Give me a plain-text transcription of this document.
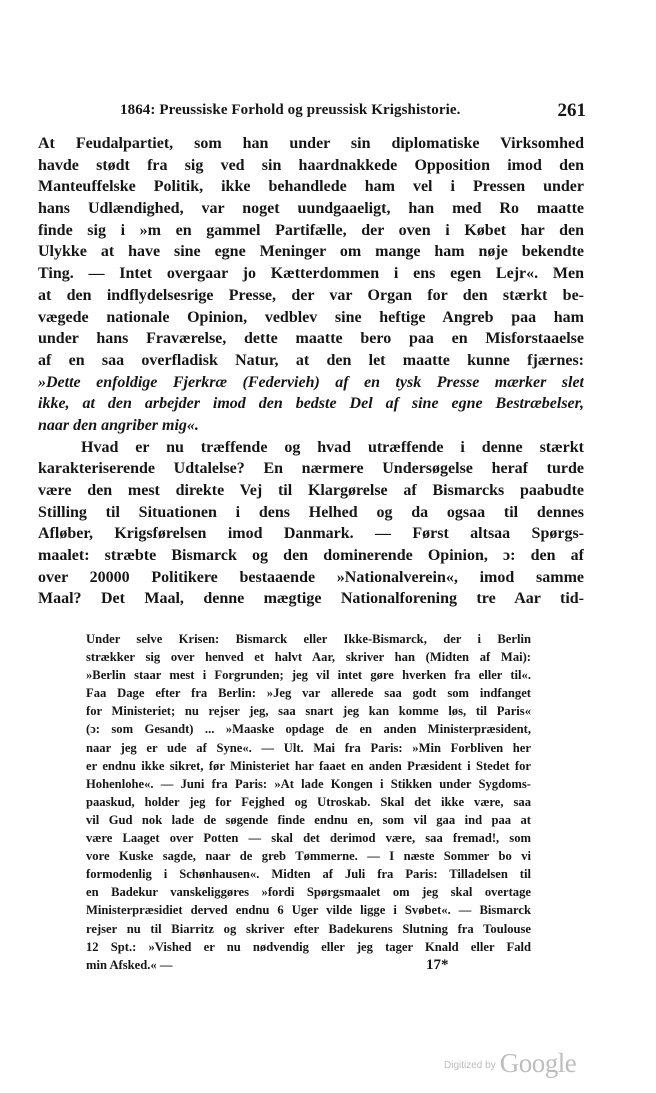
1864: Preussiske Forhold og preussisk Krigshistorie.	261
At Feudalpartiet, som han under sin diplomatiske Virksomhed
havde stødt fra sig ved sin haardnakkede Opposition imod den
Manteuffelske Politik, ikke behandlede ham vel i Pressen under
hans Udlændighed, var noget uundgaaeligt, han med Ro maatte
finde sig i »m en gammel Partifælle, der oven i Købet har den
Ulykke at have sine egne Meninger om mange ham nøje bekendte
Ting. — Intet overgaar jo Kætterdommen i ens egen Lejr«. Men
at den indflydelsesrige Presse, der var Organ for den stærkt be-
vægede nationale Opinion, vedblev sine heftige Angreb paa ham
under hans Fraværelse, dette maatte bero paa en Misforstaaelse
af en saa overfladisk Natur, at den let maatte kunne fjærnes:
»Dette enfoldige Fjerkræ (Federvieh) af en tysk Presse mærker slet
ikke, at den arbejder imod den bedste Del af sine egne Bestræbelser,
naar den angriber mig«.
Hvad er nu træffende og hvad utræffende i denne stærkt
karakteriserende Udtalelse? En nærmere Undersøgelse heraf turde
være den mest direkte Vej til Klargørelse af Bismarcks paabudte
Stilling til Situationen i dens Helhed og da ogsaa til dennes
Afløber, Krigsførelsen imod Danmark. — Først altsaa Spørgs-
maalet: stræbte Bismarck og den dominerende Opinion, ɔ: den af
over 20000 Politikere bestaaende »Nationalverein«, imod samme
Maal? Det Maal, denne mægtige Nationalforening tre Aar tid-
Under selve Krisen: Bismarck eller Ikke-Bismarck, der i Berlin
strækker sig over henved et halvt Aar, skriver han (Midten af Mai):
»Berlin staar mest i Forgrunden; jeg vil intet gøre hverken fra eller til«.
Faa Dage efter fra Berlin: »Jeg var allerede saa godt som indfanget
for Ministeriet; nu rejser jeg, saa snart jeg kan komme løs, til Paris«
(ɔ: som Gesandt) ... »Maaske opdage de en anden Ministerpræsident,
naar jeg er ude af Syne«. — Ult. Mai fra Paris: »Min Forbliven her
er endnu ikke sikret, før Ministeriet har faaet en anden Præsident i Stedet for
Hohenlohe«. — Juni fra Paris: »At lade Kongen i Stikken under Sygdoms-
paaskud, holder jeg for Fejghed og Utroskab. Skal det ikke være, saa
vil Gud nok lade de søgende finde endnu en, som vil gaa ind paa at
være Laaget over Potten — skal det derimod være, saa fremad!, som
vore Kuske sagde, naar de greb Tømmerne. — I næste Sommer bo vi
formodenlig i Schønhausen«. Midten af Juli fra Paris: Tilladelsen til
en Badekur vanskeliggøres »fordi Spørgsmaalet om jeg skal overtage
Ministerpræsidiet derved endnu 6 Uger vilde ligge i Svøbet«. — Bismarck
rejser nu til Biarritz og skriver efter Badekurens Slutning fra Toulouse
12 Spt.: »Vished er nu nødvendig eller jeg tager Knald eller Fald
min Afsked.« —	17*
$^{Digitized by}$ Google
